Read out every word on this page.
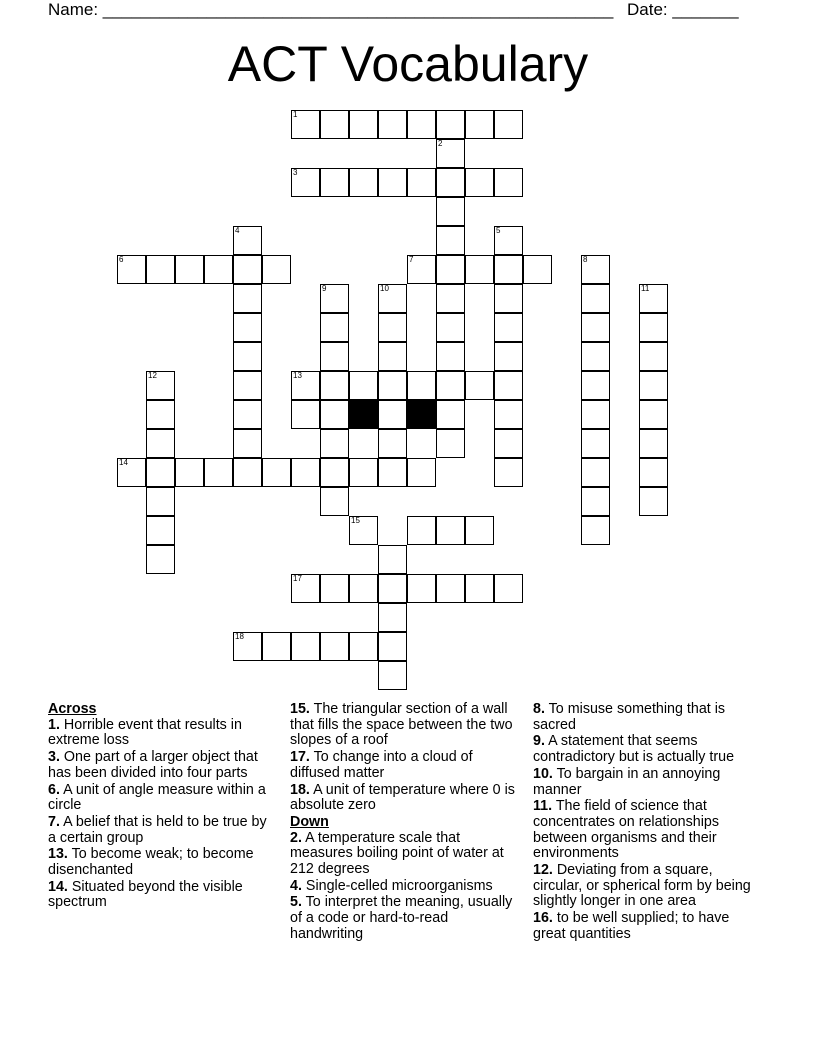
Name: ______________________________________________________ Date: _______
ACT Vocabulary
1
3
2
4	5
6	7	8
9	10	11
12	13
14
15
17
18
Across
1. Horrible event that results in extreme loss
3. One part of a larger object that has been divided into four parts
6. A unit of angle measure within a circle
7. A belief that is held to be true by a certain group
13. To become weak; to become disenchanted
14. Situated beyond the visible spectrum
15. The triangular section of a wall that fills the space between the two slopes of a roof
17. To change into a cloud of diffused matter
18. A unit of temperature where 0 is absolute zero
Down
2. A temperature scale that measures boiling point of water at 212 degrees
4. Single-celled microorganisms
5. To interpret the meaning, usually of a code or hard-to-read handwriting
8. To misuse something that is sacred
9. A statement that seems contradictory but is actually true
10. To bargain in an annoying manner
11. The field of science that concentrates on relationships between organisms and their environments
12. Deviating from a square, circular, or spherical form by being slightly longer in one area
16. to be well supplied; to have great quantities
